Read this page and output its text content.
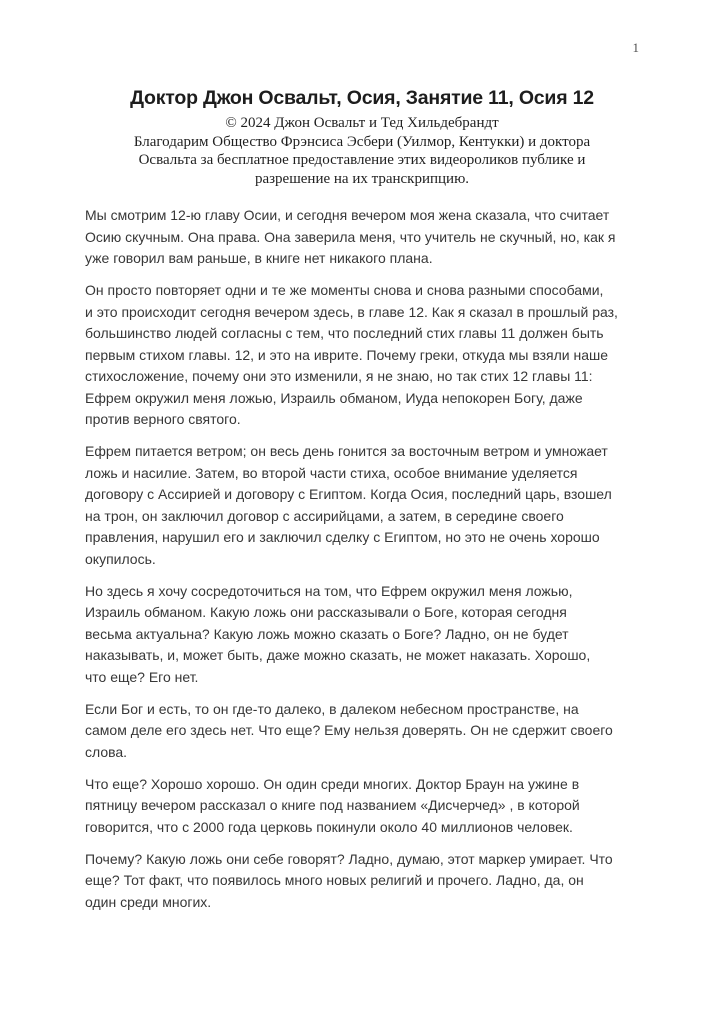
1
Доктор Джон Освальт, Осия, Занятие 11, Осия 12
© 2024 Джон Освальт и Тед Хильдебрандт
Благодарим Общество Фрэнсиса Эсбери (Уилмор, Кентукки) и доктора
Освальта за бесплатное предоставление этих видеороликов публике и
разрешение на их транскрипцию.

Мы смотрим 12-ю главу Осии, и сегодня вечером моя жена сказала, что считает
Осию скучным. Она права. Она заверила меня, что учитель не скучный, но, как я
уже говорил вам раньше, в книге нет никакого плана.

Он просто повторяет одни и те же моменты снова и снова разными способами,
и это происходит сегодня вечером здесь, в главе 12. Как я сказал в прошлый раз,
большинство людей согласны с тем, что последний стих главы 11 должен быть
первым стихом главы. 12, и это на иврите. Почему греки, откуда мы взяли наше
стихосложение, почему они это изменили, я не знаю, но так стих 12 главы 11:
Ефрем окружил меня ложью, Израиль обманом, Иуда непокорен Богу, даже
против верного святого.

Ефрем питается ветром; он весь день гонится за восточным ветром и умножает
ложь и насилие. Затем, во второй части стиха, особое внимание уделяется
договору с Ассирией и договору с Египтом. Когда Осия, последний царь, взошел
на трон, он заключил договор с ассирийцами, а затем, в середине своего
правления, нарушил его и заключил сделку с Египтом, но это не очень хорошо
окупилось.

Но здесь я хочу сосредоточиться на том, что Ефрем окружил меня ложью,
Израиль обманом. Какую ложь они рассказывали о Боге, которая сегодня
весьма актуальна? Какую ложь можно сказать о Боге? Ладно, он не будет
наказывать, и, может быть, даже можно сказать, не может наказать. Хорошо,
что еще? Его нет.

Если Бог и есть, то он где-то далеко, в далеком небесном пространстве, на
самом деле его здесь нет. Что еще? Ему нельзя доверять. Он не сдержит своего
слова.

Что еще? Хорошо хорошо. Он один среди многих. Доктор Браун на ужине в
пятницу вечером рассказал о книге под названием «Дисчерчед» , в которой
говорится, что с 2000 года церковь покинули около 40 миллионов человек.

Почему? Какую ложь они себе говорят? Ладно, думаю, этот маркер умирает. Что
еще? Тот факт, что появилось много новых религий и прочего. Ладно, да, он
один среди многих.
